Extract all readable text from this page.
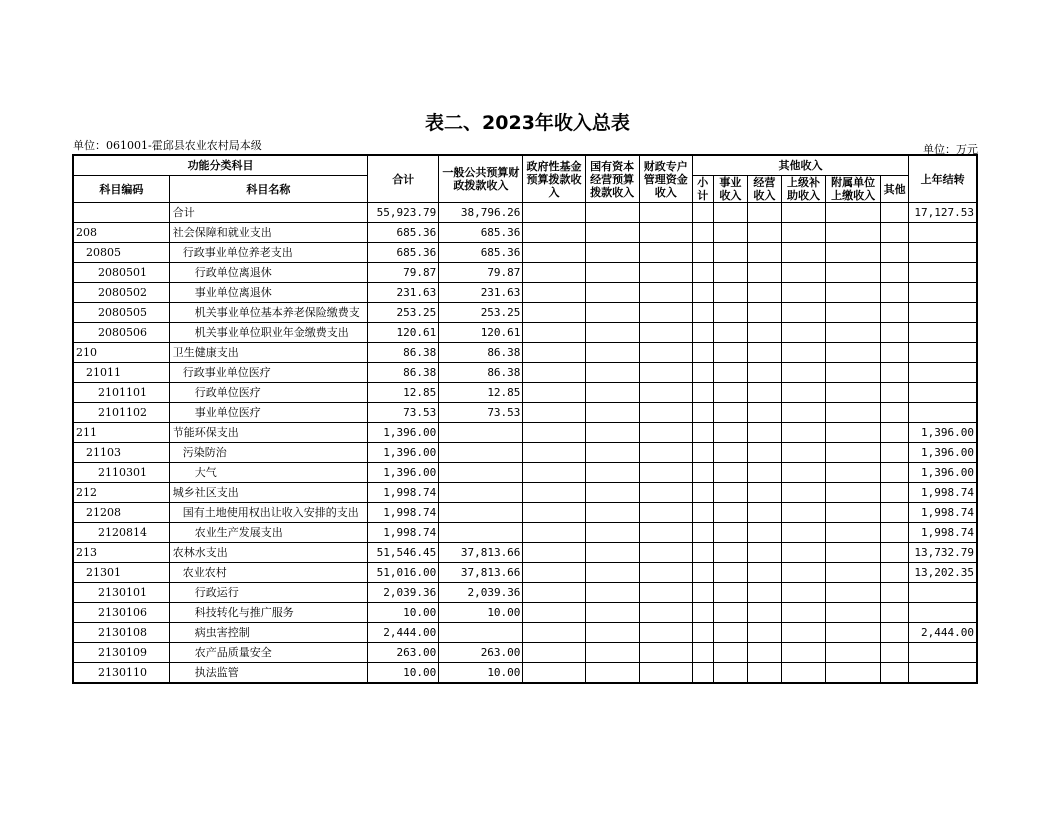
表二、2023年收入总表
单位：061001-霍邱县农业农村局本级	单位：万元
功能分类科目		合计	一般公共预算财政拨款收入	政府性基金预算拨款收入	国有资本经营预算拨款收入	财政专户管理资金收入	其他收入						上年结转
科目编码	科目名称						小计	事业收入	经营收入	上级补助收入	附属单位上缴收入	其他	

	合计	55,923.79	38,796.26										17,127.53
208	社会保障和就业支出	685.36	685.36										
20805	行政事业单位养老支出	685.36	685.36										
2080501	行政单位离退休	79.87	79.87										
2080502	事业单位离退休	231.63	231.63										
2080505	机关事业单位基本养老保险缴费支	253.25	253.25										
2080506	机关事业单位职业年金缴费支出	120.61	120.61										
210	卫生健康支出	86.38	86.38										
21011	行政事业单位医疗	86.38	86.38										
2101101	行政单位医疗	12.85	12.85										
2101102	事业单位医疗	73.53	73.53										
211	节能环保支出	1,396.00											1,396.00
21103	污染防治	1,396.00											1,396.00
2110301	大气	1,396.00											1,396.00
212	城乡社区支出	1,998.74											1,998.74
21208	国有土地使用权出让收入安排的支出	1,998.74											1,998.74
2120814	农业生产发展支出	1,998.74											1,998.74
213	农林水支出	51,546.45	37,813.66										13,732.79
21301	农业农村	51,016.00	37,813.66										13,202.35
2130101	行政运行	2,039.36	2,039.36										
2130106	科技转化与推广服务	10.00	10.00										
2130108	病虫害控制	2,444.00											2,444.00
2130109	农产品质量安全	263.00	263.00										
2130110	执法监管	10.00	10.00										
